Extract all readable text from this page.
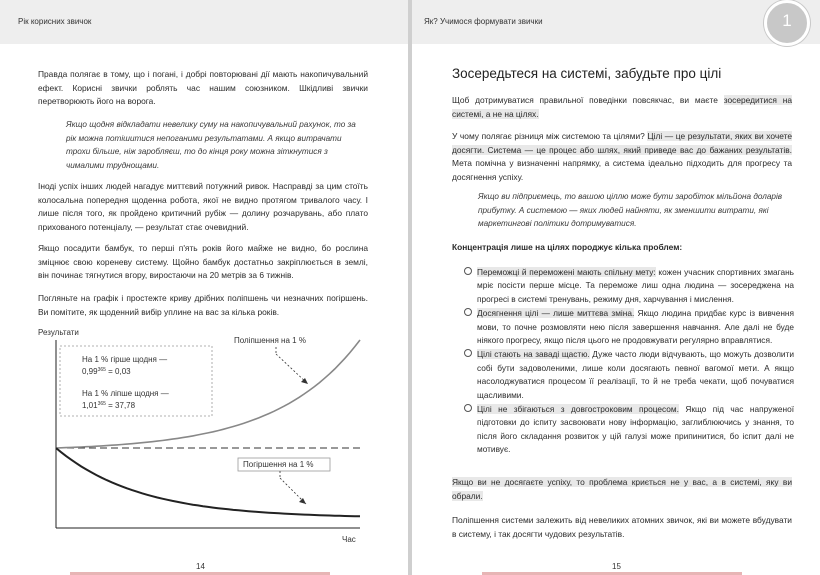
Рік корисних звичок

Правда полягає в тому, що і погані, і добрі повторювані дії мають накопичувальний ефект. Корисні звички роблять час нашим союзником. Шкідливі звички перетворюють його на ворога.

Якщо щодня відкладати невелику суму на накопичувальний рахунок, то за рік можна потішитися непоганими результатами. А якщо витрачати трохи більше, ніж заробляєш, то до кінця року можна зіткнутися з чималими труднощами.

Іноді успіх інших людей нагадує миттєвий потужний ривок. Насправді за цим стоїть колосальна попередня щоденна робота, якої не видно протягом тривалого часу. І лише після того, як пройдено критичний рубіж — долину розчарувань, або плато прихованого потенціалу, — результат стає очевидний.

Якщо посадити бамбук, то перші п'ять років його майже не видно, бо рослина зміцнює свою кореневу систему. Щойно бамбук достатньо закріплюється в землі, він починає тягнутися вгору, виростаючи на 20 метрів за 6 тижнів.

Погляньте на графік і простежте криву дрібних поліпшень чи незначних погіршень. Ви помітите, як щоденний вибір уплине на вас за кілька років.

Результати
На 1 % гірше щодня —
$0,99^{365} = 0,03$
На 1 % ліпше щодня —
$1,01^{365} = 37,78$
Поліпшення на 1 %
Погіршення на 1 %
Час
14
Як? Учимося формувати звички	1
Зосередьтеся на системі, забудьте про цілі

Щоб дотримуватися правильної поведінки повсякчас, ви маєте зосередитися на системі, а не на цілях.

У чому полягає різниця між системою та цілями? Цілі — це результати, яких ви хочете досягти. Система — це процес або шлях, який приведе вас до бажаних результатів. Мета помічна у визначенні напрямку, а система ідеально підходить для прогресу та досягнення успіху.

Якщо ви підприємець, то вашою ціллю може бути заробіток мільйона доларів прибутку. А системою — яких людей найняти, як зменшити витрати, які маркетингові політики дотримуватися.

Концентрація лише на цілях породжує кілька проблем:
Переможці й переможені мають спільну мету: кожен учасник спортивних змагань мріє посісти перше місце. Та переможе лиш одна людина — зосереджена на прогресі в системі тренувань, режиму дня, харчування і мислення.
Досягнення цілі — лише миттєва зміна. Якщо людина придбає курс із вивчення мови, то почне розмовляти нею після завершення навчання. Але далі не буде ніякого прогресу, якщо після цього не продовжувати регулярно вправлятися.
Цілі стають на заваді щастю. Дуже часто люди відчувають, що можуть дозволити собі бути задоволеними, лише коли досягають певної вагомої мети. А якщо насолоджуватися процесом її реалізації, то й не треба чекати, щоб почуватися щасливими.
Цілі не збігаються з довгостроковим процесом. Якщо під час напруженої підготовки до іспиту засвоювати нову інформацію, заглиблюючись у знання, то після його складання розвиток у цій галузі може припинитися, бо іспит далі не мотивує.

Якщо ви не досягаєте успіху, то проблема криється не у вас, а в системі, яку ви обрали.

Поліпшення системи залежить від невеликих атомних звичок, які ви можете вбудувати в систему, і так досягти чудових результатів.

15
